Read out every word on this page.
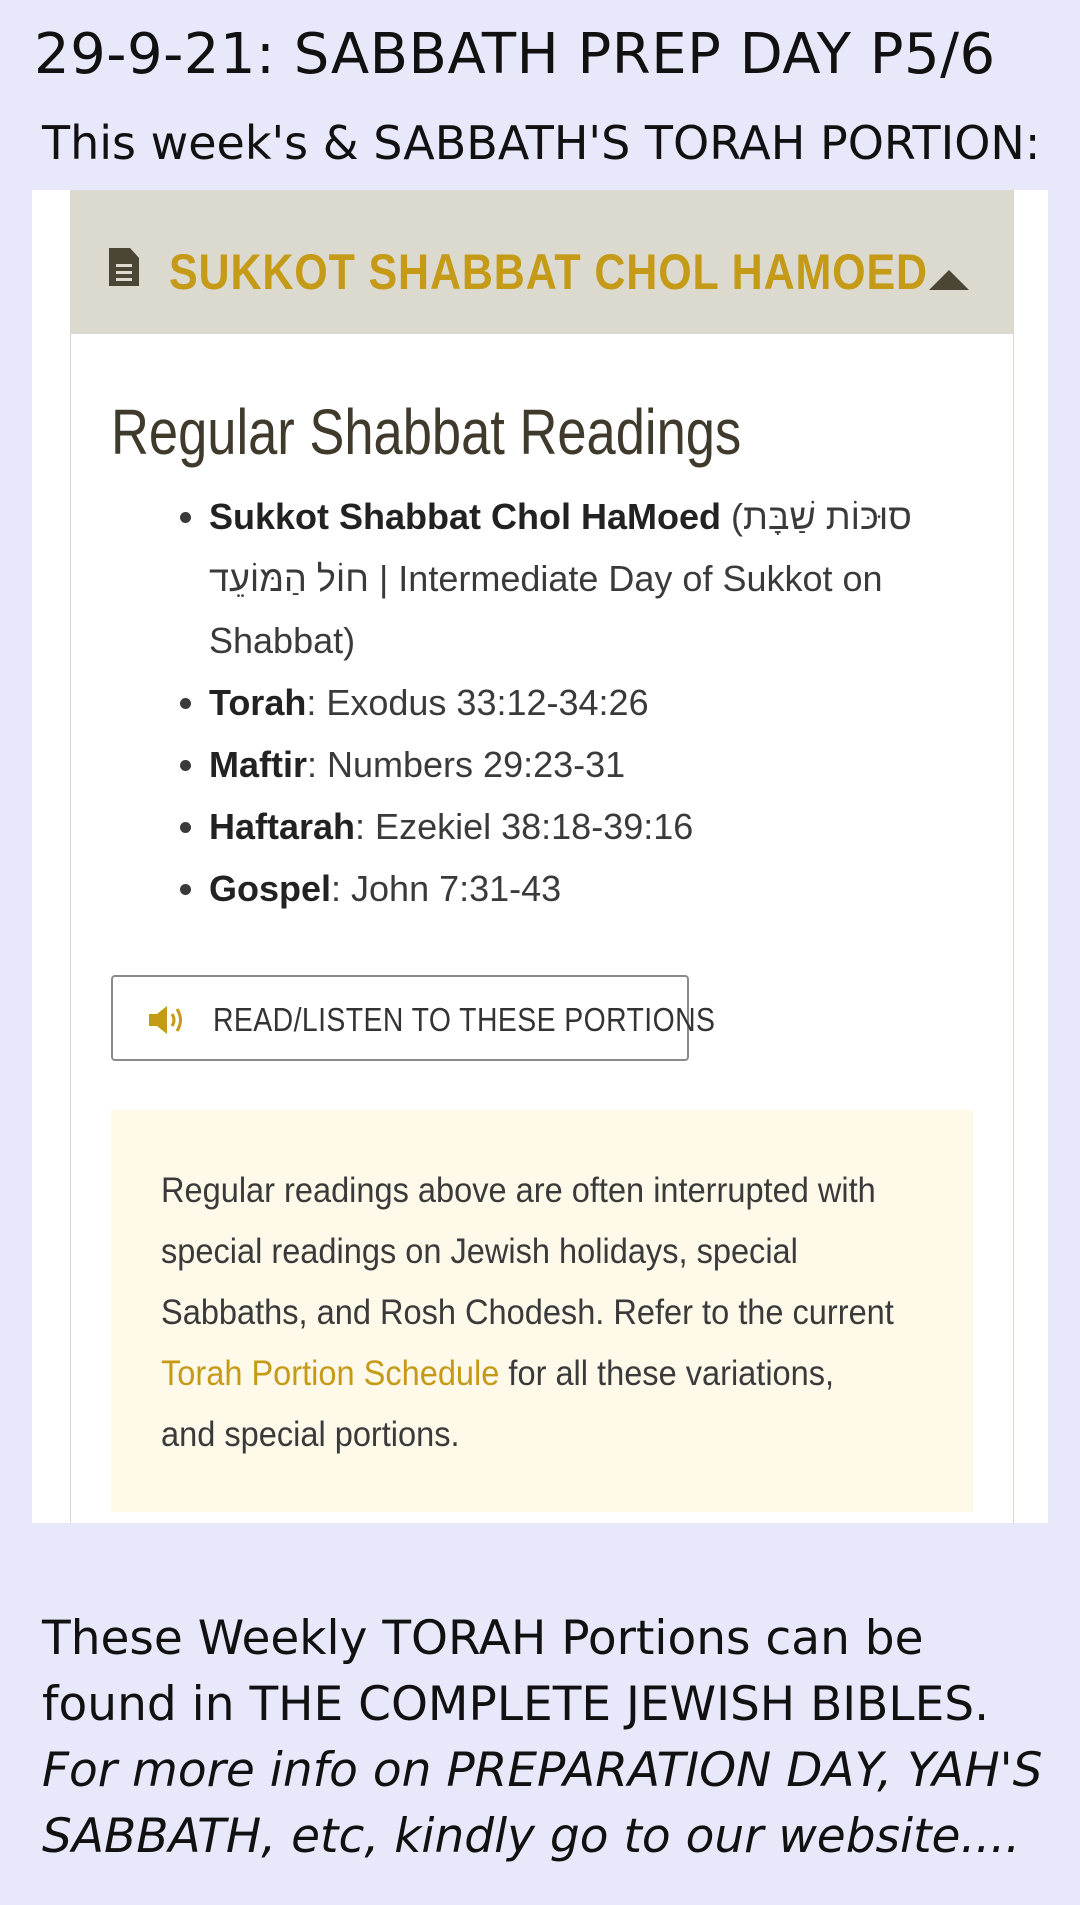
29-9-21: SABBATH PREP DAY P5/6
This week's & SABBATH'S TORAH PORTION:
SUKKOT SHABBAT CHOL HAMOED
Regular Shabbat Readings
• Sukkot Shabbat Chol HaMoed (סוּכּוֹת שַׁבָּת חוֹל הַמּוֹעֵד | Intermediate Day of Sukkot on Shabbat)
• Torah: Exodus 33:12-34:26
• Maftir: Numbers 29:23-31
• Haftarah: Ezekiel 38:18-39:16
• Gospel: John 7:31-43
READ/LISTEN TO THESE PORTIONS
Regular readings above are often interrupted with special readings on Jewish holidays, special Sabbaths, and Rosh Chodesh. Refer to the current Torah Portion Schedule for all these variations, and special portions.
These Weekly TORAH Portions can be found in THE COMPLETE JEWISH BIBLES.
For more info on PREPARATION DAY, YAH'S SABBATH, etc, kindly go to our website....
